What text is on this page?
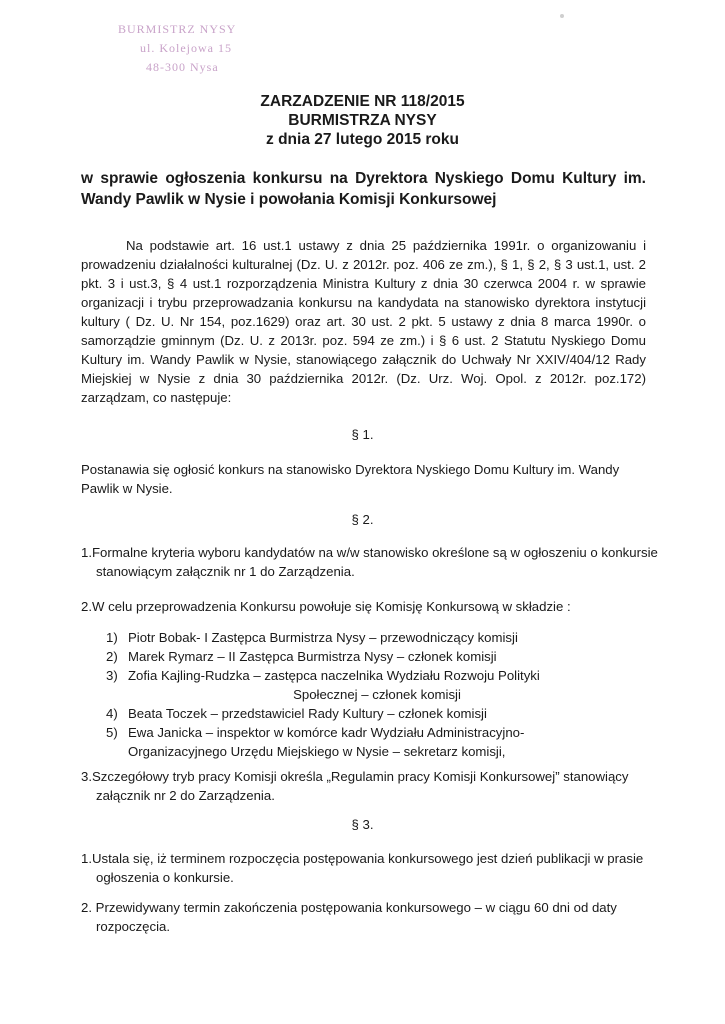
BURMISTRZ NYSY
ul. Kolejowa 15
48-300 Nysa
ZARZADZENIE NR 118/2015
BURMISTRZA NYSY
z dnia 27 lutego 2015 roku
w sprawie ogłoszenia konkursu na Dyrektora Nyskiego Domu Kultury im. Wandy Pawlik w Nysie i powołania Komisji Konkursowej
Na podstawie art. 16 ust.1 ustawy z dnia 25 października 1991r. o organizowaniu i prowadzeniu działalności kulturalnej (Dz. U. z 2012r. poz. 406 ze zm.), § 1, § 2, § 3 ust.1, ust. 2 pkt. 3 i ust.3, § 4 ust.1 rozporządzenia Ministra Kultury z dnia 30 czerwca 2004 r. w sprawie organizacji i trybu przeprowadzania konkursu na kandydata na stanowisko dyrektora instytucji kultury ( Dz. U. Nr 154, poz.1629) oraz art. 30 ust. 2 pkt. 5 ustawy z dnia 8 marca 1990r. o samorządzie gminnym (Dz. U. z 2013r. poz. 594 ze zm.) i § 6 ust. 2 Statutu Nyskiego Domu Kultury im. Wandy Pawlik w Nysie, stanowiącego załącznik do Uchwały Nr XXIV/404/12 Rady Miejskiej w Nysie z dnia 30 października 2012r. (Dz. Urz. Woj. Opol. z 2012r. poz.172) zarządzam, co następuje:
§ 1.
Postanawia się ogłosić konkurs na stanowisko Dyrektora Nyskiego Domu Kultury im. Wandy Pawlik w Nysie.
§ 2.
1.Formalne kryteria wyboru kandydatów na w/w stanowisko określone są w ogłoszeniu o konkursie stanowiącym załącznik nr 1 do Zarządzenia.
2.W celu przeprowadzenia Konkursu powołuje się Komisję Konkursową w składzie :
1) Piotr Bobak- I Zastępca Burmistrza Nysy – przewodniczący komisji
2) Marek Rymarz – II Zastępca Burmistrza Nysy – członek komisji
3) Zofia Kajling-Rudzka – zastępca naczelnika Wydziału Rozwoju Polityki
Społecznej – członek komisji
4) Beata Toczek – przedstawiciel Rady Kultury – członek komisji
5) Ewa Janicka – inspektor w komórce kadr Wydziału Administracyjno-
Organizacyjnego Urzędu Miejskiego w Nysie – sekretarz komisji,
3.Szczegółowy tryb pracy Komisji określa „Regulamin pracy Komisji Konkursowej” stanowiący załącznik nr 2 do Zarządzenia.
§ 3.
1.Ustala się, iż terminem rozpoczęcia postępowania konkursowego jest dzień publikacji w prasie ogłoszenia o konkursie.
2. Przewidywany termin zakończenia postępowania konkursowego – w ciągu 60 dni od daty rozpoczęcia.
